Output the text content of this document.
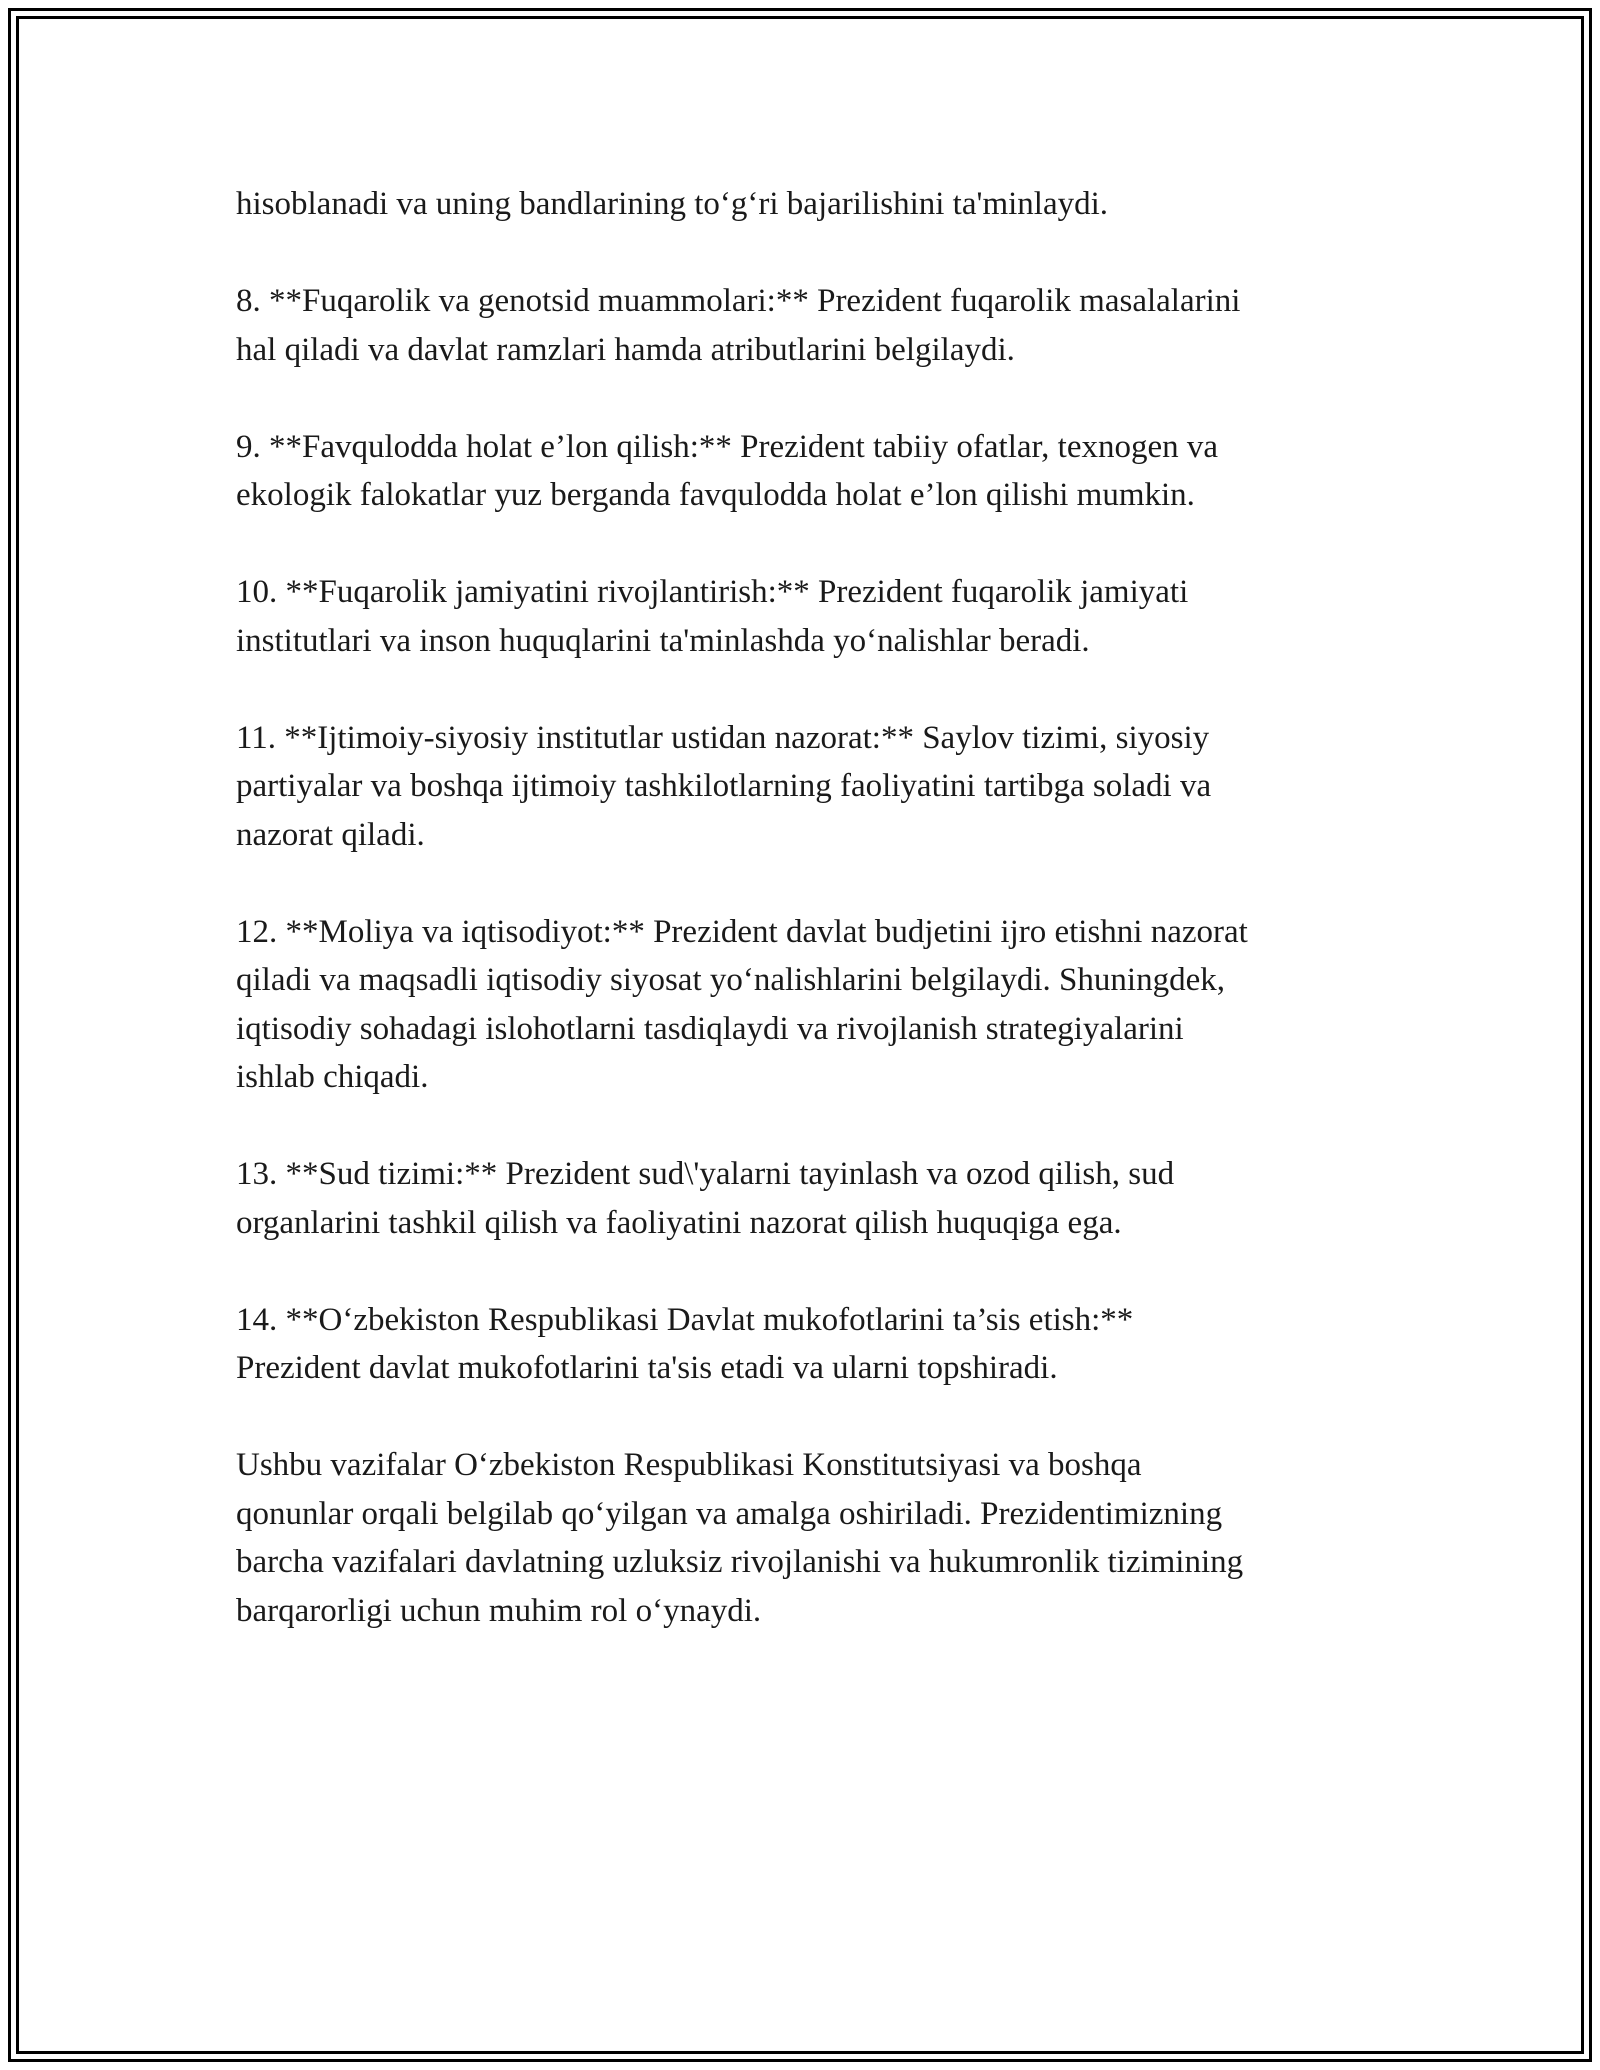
hisoblanadi va uning bandlarining to‘g‘ri bajarilishini ta'minlaydi.

8. **Fuqarolik va genotsid muammolari:** Prezident fuqarolik masalalarini
hal qiladi va davlat ramzlari hamda atributlarini belgilaydi.

9. **Favqulodda holat e’lon qilish:** Prezident tabiiy ofatlar, texnogen va
ekologik falokatlar yuz berganda favqulodda holat e’lon qilishi mumkin.

10. **Fuqarolik jamiyatini rivojlantirish:** Prezident fuqarolik jamiyati
institutlari va inson huquqlarini ta'minlashda yo‘nalishlar beradi.

11. **Ijtimoiy-siyosiy institutlar ustidan nazorat:** Saylov tizimi, siyosiy
partiyalar va boshqa ijtimoiy tashkilotlarning faoliyatini tartibga soladi va
nazorat qiladi.

12. **Moliya va iqtisodiyot:** Prezident davlat budjetini ijro etishni nazorat
qiladi va maqsadli iqtisodiy siyosat yo‘nalishlarini belgilaydi. Shuningdek,
iqtisodiy sohadagi islohotlarni tasdiqlaydi va rivojlanish strategiyalarini
ishlab chiqadi.

13. **Sud tizimi:** Prezident sud\'yalarni tayinlash va ozod qilish, sud
organlarini tashkil qilish va faoliyatini nazorat qilish huquqiga ega.

14. **O‘zbekiston Respublikasi Davlat mukofotlarini ta’sis etish:**
Prezident davlat mukofotlarini ta'sis etadi va ularni topshiradi.

Ushbu vazifalar O‘zbekiston Respublikasi Konstitutsiyasi va boshqa
qonunlar orqali belgilab qo‘yilgan va amalga oshiriladi. Prezidentimizning
barcha vazifalari davlatning uzluksiz rivojlanishi va hukumronlik tizimining
barqarorligi uchun muhim rol o‘ynaydi.
